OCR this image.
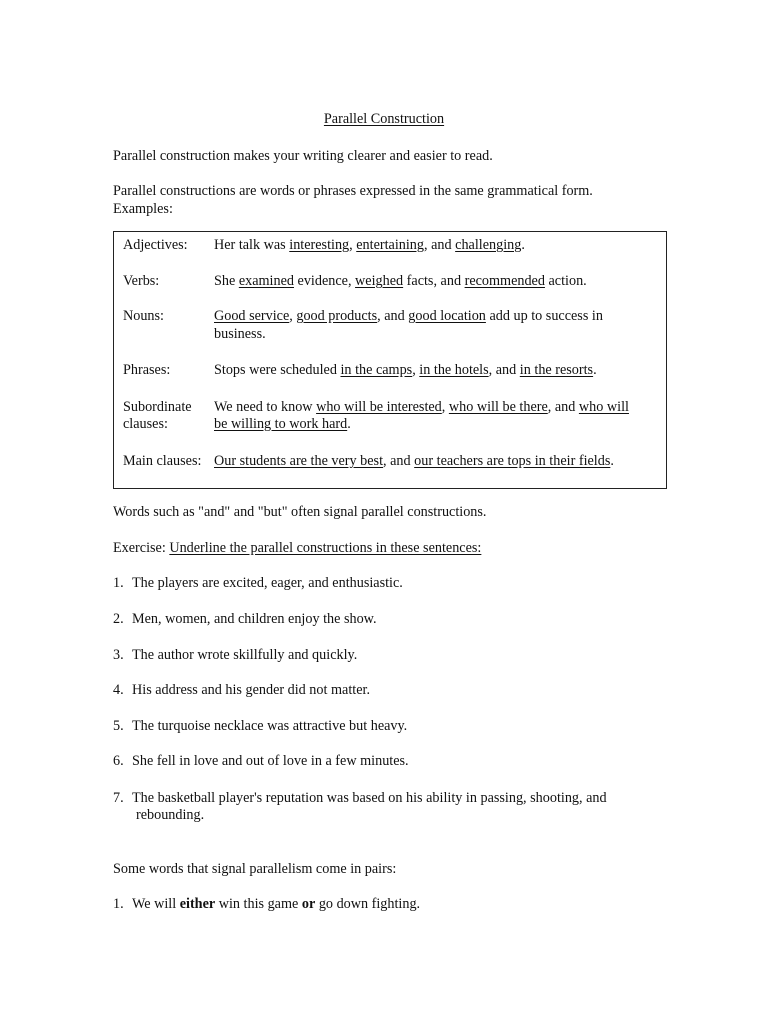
Parallel Construction
Parallel construction makes your writing clearer and easier to read.
Parallel constructions are words or phrases expressed in the same grammatical form.
Examples:
Adjectives: Her talk was interesting, entertaining, and challenging.
Verbs:	She examined evidence, weighed facts, and recommended action.
Nouns:	Good service, good products, and good location add up to success in
business.
Phrases:	Stops were scheduled in the camps, in the hotels, and in the resorts.
Subordinate
clauses:
We need to know who will be interested, who will be there, and who will
be willing to work hard.
Main clauses: Our students are the very best, and our teachers are tops in their fields.
Words such as "and" and "but" often signal parallel constructions.
Exercise: Underline the parallel constructions in these sentences:
1. The players are excited, eager, and enthusiastic.
2. Men, women, and children enjoy the show.
3. The author wrote skillfully and quickly.
4. His address and his gender did not matter.
5. The turquoise necklace was attractive but heavy.
6. She fell in love and out of love in a few minutes.
7. The basketball player's reputation was based on his ability in passing, shooting, and
rebounding.
Some words that signal parallelism come in pairs:
1. We will either win this game or go down fighting.
